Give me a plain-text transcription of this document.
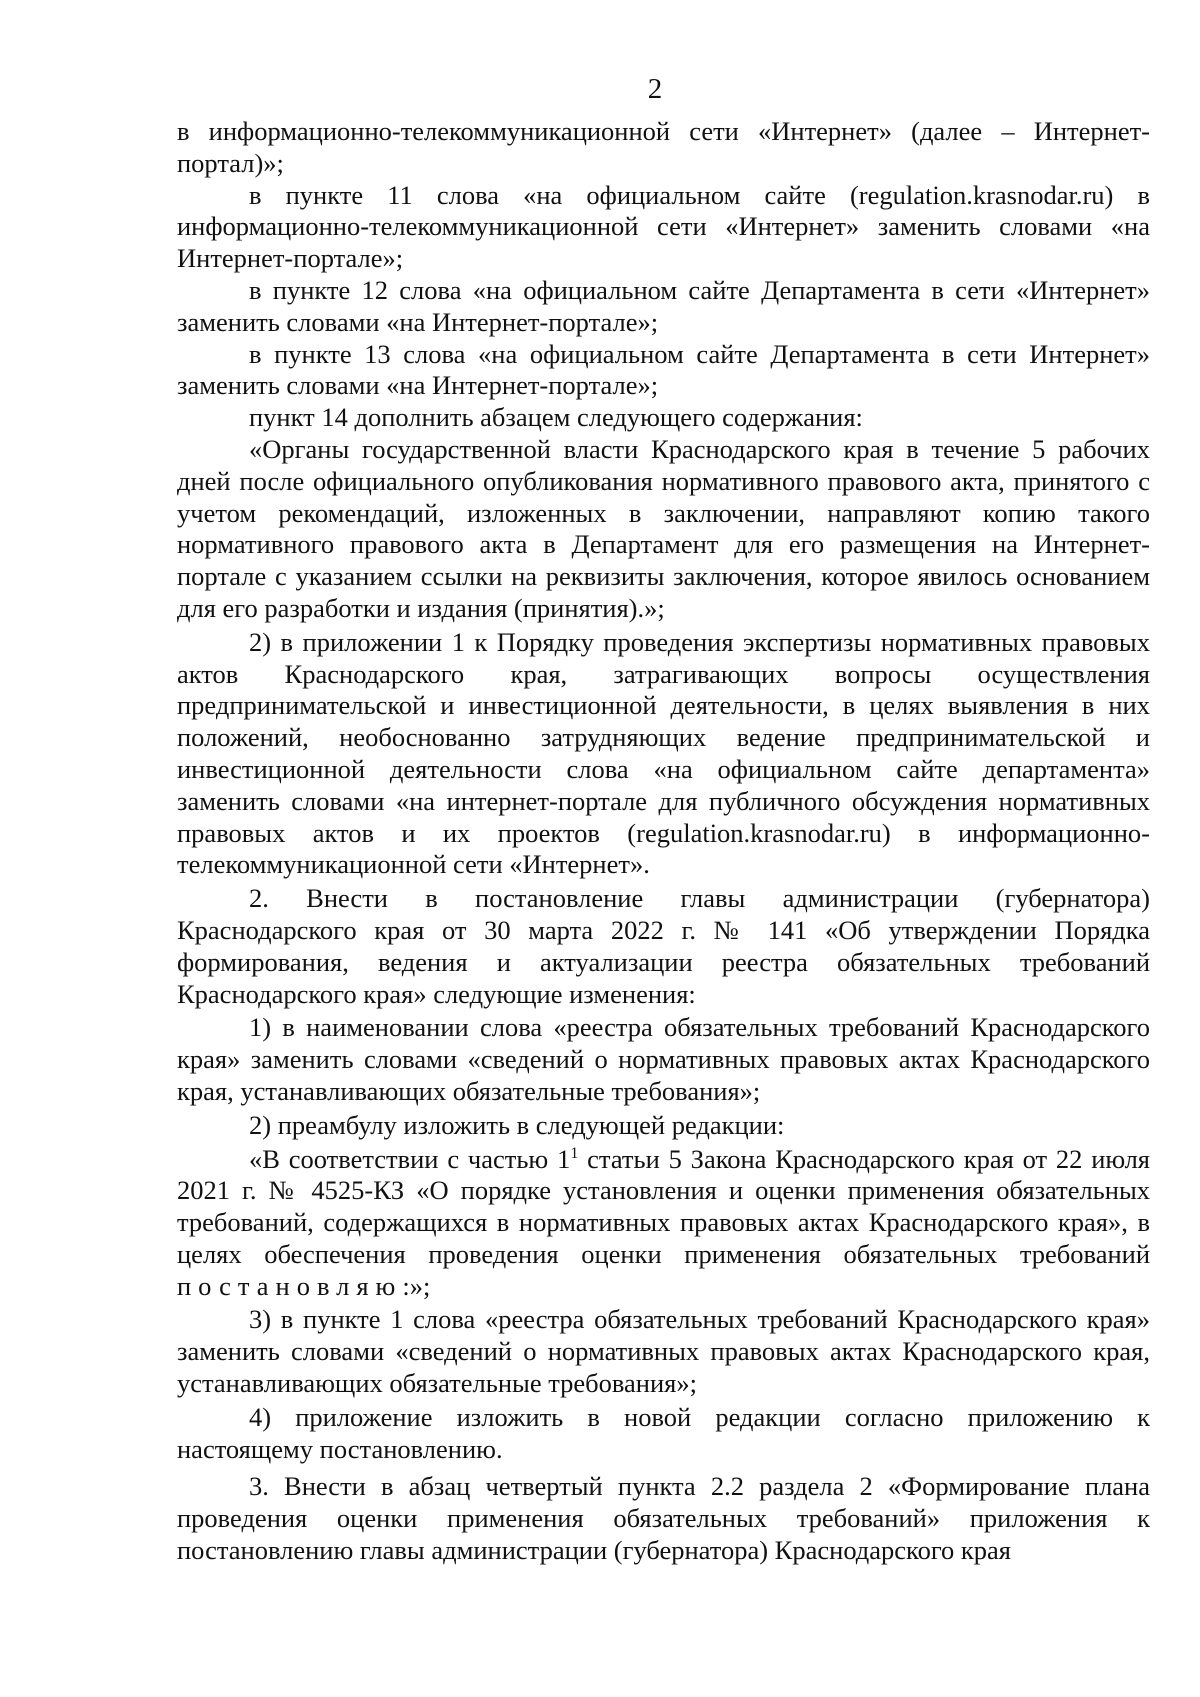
2

в информационно-телекоммуникационной сети «Интернет» (далее – Интернет-портал)»;

в пункте 11 слова «на официальном сайте (regulation.krasnodar.ru) в информационно-телекоммуникационной сети «Интернет» заменить словами «на Интернет-портале»;

в пункте 12 слова «на официальном сайте Департамента в сети «Интернет» заменить словами «на Интернет-портале»;

в пункте 13 слова «на официальном сайте Департамента в сети Интернет» заменить словами «на Интернет-портале»;

пункт 14 дополнить абзацем следующего содержания:

«Органы государственной власти Краснодарского края в течение 5 рабочих дней после официального опубликования нормативного правового акта, принятого с учетом рекомендаций, изложенных в заключении, направляют копию такого нормативного правового акта в Департамент для его размещения на Интернет-портале с указанием ссылки на реквизиты заключения, которое явилось основанием для его разработки и издания (принятия).»;

2) в приложении 1 к Порядку проведения экспертизы нормативных правовых актов Краснодарского края, затрагивающих вопросы осуществления предпринимательской и инвестиционной деятельности, в целях выявления в них положений, необоснованно затрудняющих ведение предпринимательской и инвестиционной деятельности слова «на официальном сайте департамента» заменить словами «на интернет-портале для публичного обсуждения нормативных правовых актов и их проектов (regulation.krasnodar.ru) в информационно-телекоммуникационной сети «Интернет».

2. Внести в постановление главы администрации (губернатора) Краснодарского края от 30 марта 2022 г. № 141 «Об утверждении Порядка формирования, ведения и актуализации реестра обязательных требований Краснодарского края» следующие изменения:

1) в наименовании слова «реестра обязательных требований Краснодарского края» заменить словами «сведений о нормативных правовых актах Краснодарского края, устанавливающих обязательные требования»;

2) преамбулу изложить в следующей редакции:

«В соответствии с частью $1^1$ статьи 5 Закона Краснодарского края от 22 июля 2021 г. № 4525-КЗ «О порядке установления и оценки применения обязательных требований, содержащихся в нормативных правовых актах Краснодарского края», в целях обеспечения проведения оценки применения обязательных требований постановляю:»;

3) в пункте 1 слова «реестра обязательных требований Краснодарского края» заменить словами «сведений о нормативных правовых актах Краснодарского края, устанавливающих обязательные требования»;

4) приложение изложить в новой редакции согласно приложению к настоящему постановлению.

3. Внести в абзац четвертый пункта 2.2 раздела 2 «Формирование плана проведения оценки применения обязательных требований» приложения к постановлению главы администрации (губернатора) Краснодарского края
